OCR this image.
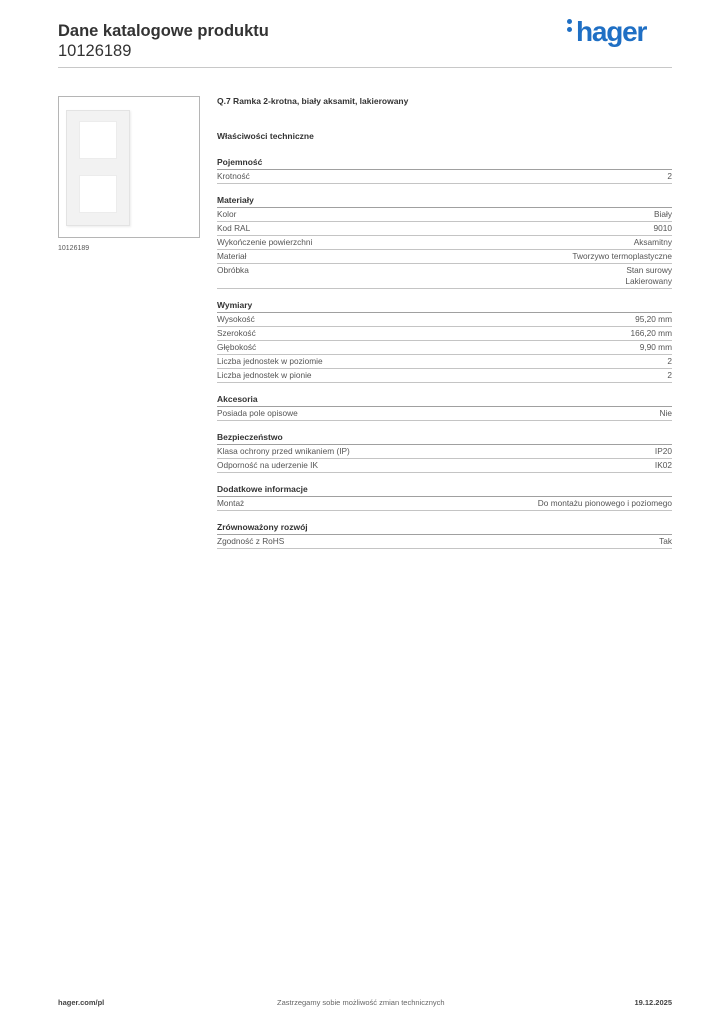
Dane katalogowe produktu
10126189
hager
10126189
Q.7 Ramka 2-krotna, biały aksamit, lakierowany
Właściwości techniczne
Pojemność
Krotność	2
Materiały
Kolor	Biały
Kod RAL	9010
Wykończenie powierzchni	Aksamitny
Materiał	Tworzywo termoplastyczne
Obróbka	Stan surowy
Lakierowany
Wymiary
Wysokość	95,20 mm
Szerokość	166,20 mm
Głębokość	9,90 mm
Liczba jednostek w poziomie	2
Liczba jednostek w pionie	2
Akcesoria
Posiada pole opisowe	Nie
Bezpieczeństwo
Klasa ochrony przed wnikaniem (IP)	IP20
Odporność na uderzenie IK	IK02
Dodatkowe informacje
Montaż	Do montażu pionowego i poziomego
Zrównoważony rozwój
Zgodność z RoHS	Tak
hager.com/pl	Zastrzegamy sobie możliwość zmian technicznych	19.12.2025
